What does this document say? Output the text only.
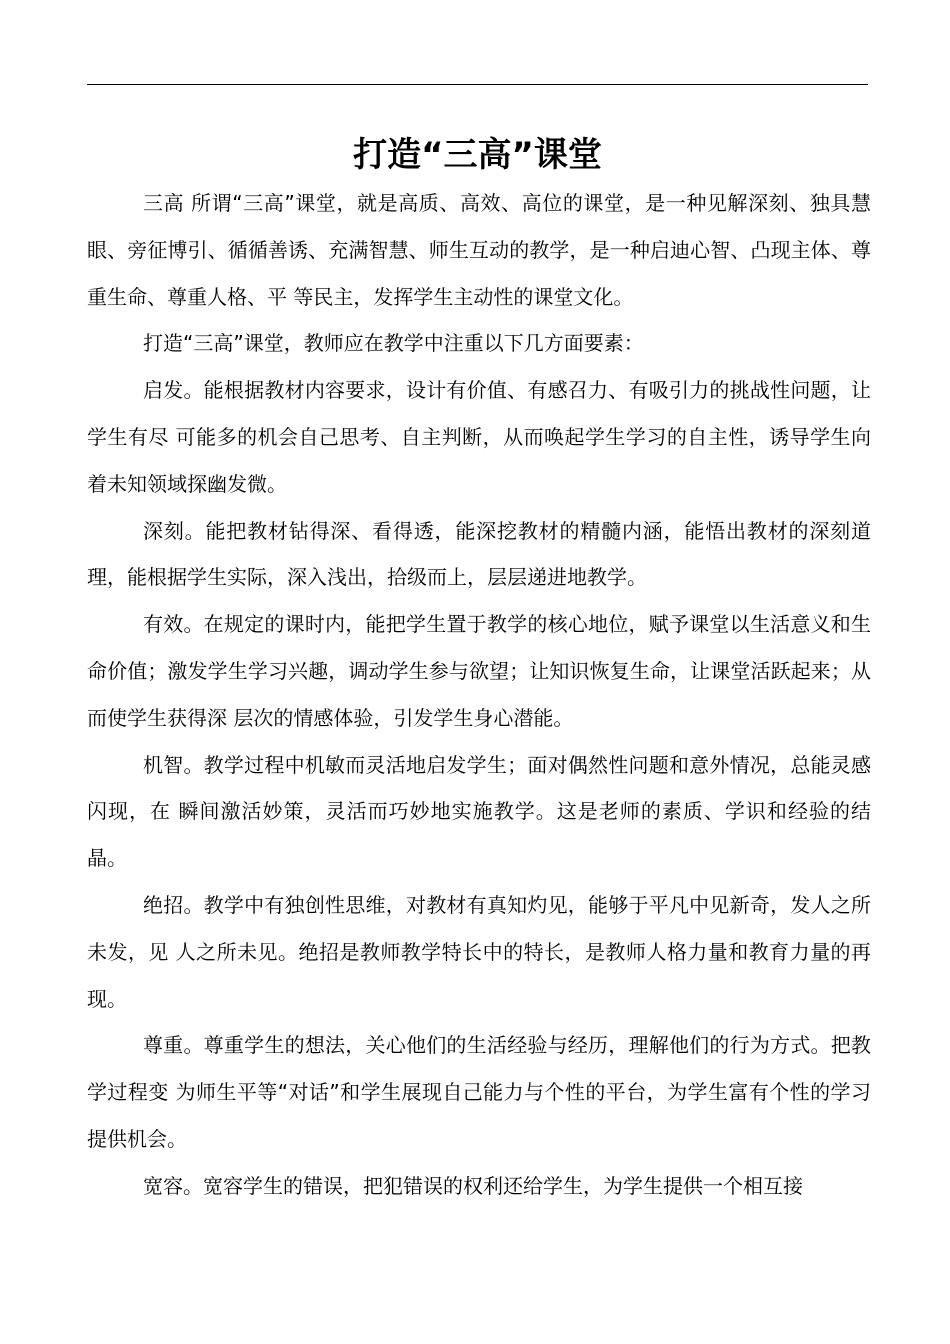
打造“三高”课堂

三高 所谓“三高”课堂，就是高质、高效、高位的课堂，是一种见解深刻、独具慧眼、旁征博引、循循善诱、充满智慧、师生互动的教学，是一种启迪心智、凸现主体、尊重生命、尊重人格、平 等民主，发挥学生主动性的课堂文化。

打造“三高”课堂，教师应在教学中注重以下几方面要素：

启发。能根据教材内容要求，设计有价值、有感召力、有吸引力的挑战性问题，让学生有尽 可能多的机会自己思考、自主判断，从而唤起学生学习的自主性，诱导学生向着未知领域探幽发微。

深刻。能把教材钻得深、看得透，能深挖教材的精髓内涵，能悟出教材的深刻道理，能根据学生实际，深入浅出，拾级而上，层层递进地教学。

有效。在规定的课时内，能把学生置于教学的核心地位，赋予课堂以生活意义和生命价值；激发学生学习兴趣，调动学生参与欲望；让知识恢复生命，让课堂活跃起来；从而使学生获得深 层次的情感体验，引发学生身心潜能。

机智。教学过程中机敏而灵活地启发学生；面对偶然性问题和意外情况，总能灵感闪现，在 瞬间激活妙策，灵活而巧妙地实施教学。这是老师的素质、学识和经验的结晶。

绝招。教学中有独创性思维，对教材有真知灼见，能够于平凡中见新奇，发人之所未发，见 人之所未见。绝招是教师教学特长中的特长，是教师人格力量和教育力量的再现。

尊重。尊重学生的想法，关心他们的生活经验与经历，理解他们的行为方式。把教学过程变 为师生平等“对话”和学生展现自己能力与个性的平台，为学生富有个性的学习提供机会。

宽容。宽容学生的错误，把犯错误的权利还给学生，为学生提供一个相互接
